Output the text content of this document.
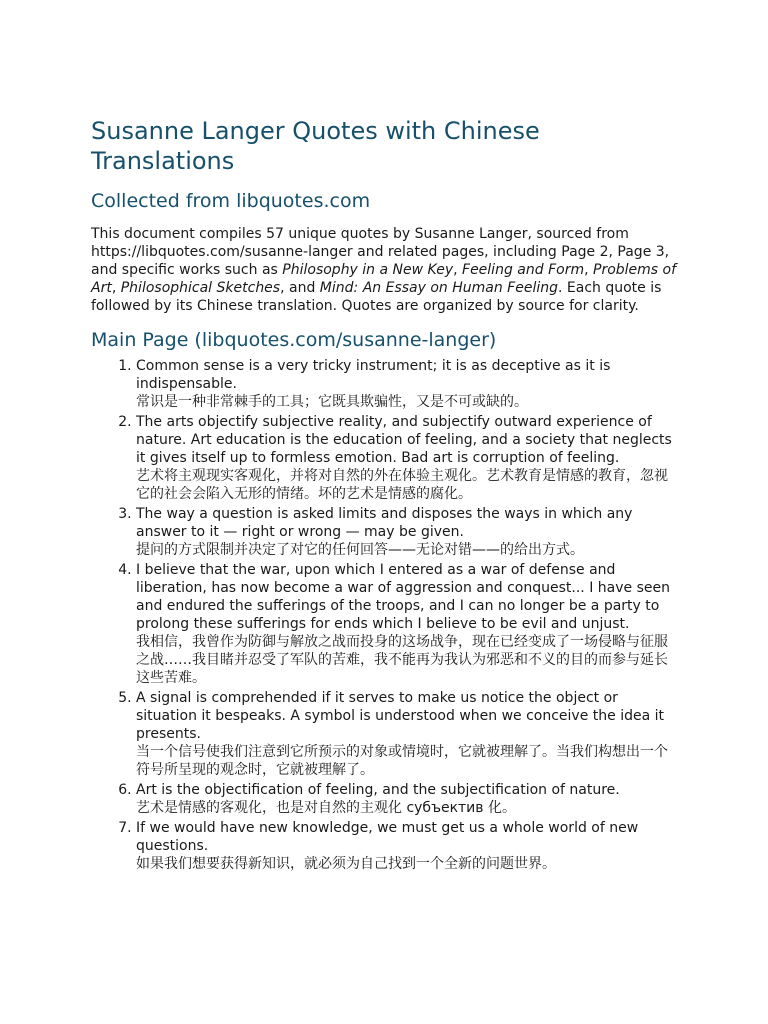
Susanne Langer Quotes with Chinese Translations
Collected from libquotes.com

This document compiles 57 unique quotes by Susanne Langer, sourced from https://libquotes.com/susanne-langer and related pages, including Page 2, Page 3, and specific works such as Philosophy in a New Key, Feeling and Form, Problems of Art, Philosophical Sketches, and Mind: An Essay on Human Feeling. Each quote is followed by its Chinese translation. Quotes are organized by source for clarity.

Main Page (libquotes.com/susanne-langer)
1. Common sense is a very tricky instrument; it is as deceptive as it is indispensable.
常识是一种非常棘手的工具；它既具欺骗性，又是不可或缺的。
2. The arts objectify subjective reality, and subjectify outward experience of nature. Art education is the education of feeling, and a society that neglects it gives itself up to formless emotion. Bad art is corruption of feeling.
艺术将主观现实客观化，并将对自然的外在体验主观化。艺术教育是情感的教育，忽视它的社会会陷入无形的情绪。坏的艺术是情感的腐化。
3. The way a question is asked limits and disposes the ways in which any answer to it — right or wrong — may be given.
提问的方式限制并决定了对它的任何回答——无论对错——的给出方式。
4. I believe that the war, upon which I entered as a war of defense and liberation, has now become a war of aggression and conquest... I have seen and endured the sufferings of the troops, and I can no longer be a party to prolong these sufferings for ends which I believe to be evil and unjust.
我相信，我曾作为防御与解放之战而投身的这场战争，现在已经变成了一场侵略与征服之战……我目睹并忍受了军队的苦难，我不能再为我认为邪恶和不义的目的而参与延长这些苦难。
5. A signal is comprehended if it serves to make us notice the object or situation it bespeaks. A symbol is understood when we conceive the idea it presents.
当一个信号使我们注意到它所预示的对象或情境时，它就被理解了。当我们构想出一个符号所呈现的观念时，它就被理解了。
6. Art is the objectification of feeling, and the subjectification of nature.
艺术是情感的客观化，也是对自然的主观化 субъектив 化。
7. If we would have new knowledge, we must get us a whole world of new questions.
如果我们想要获得新知识，就必须为自己找到一个全新的问题世界。
